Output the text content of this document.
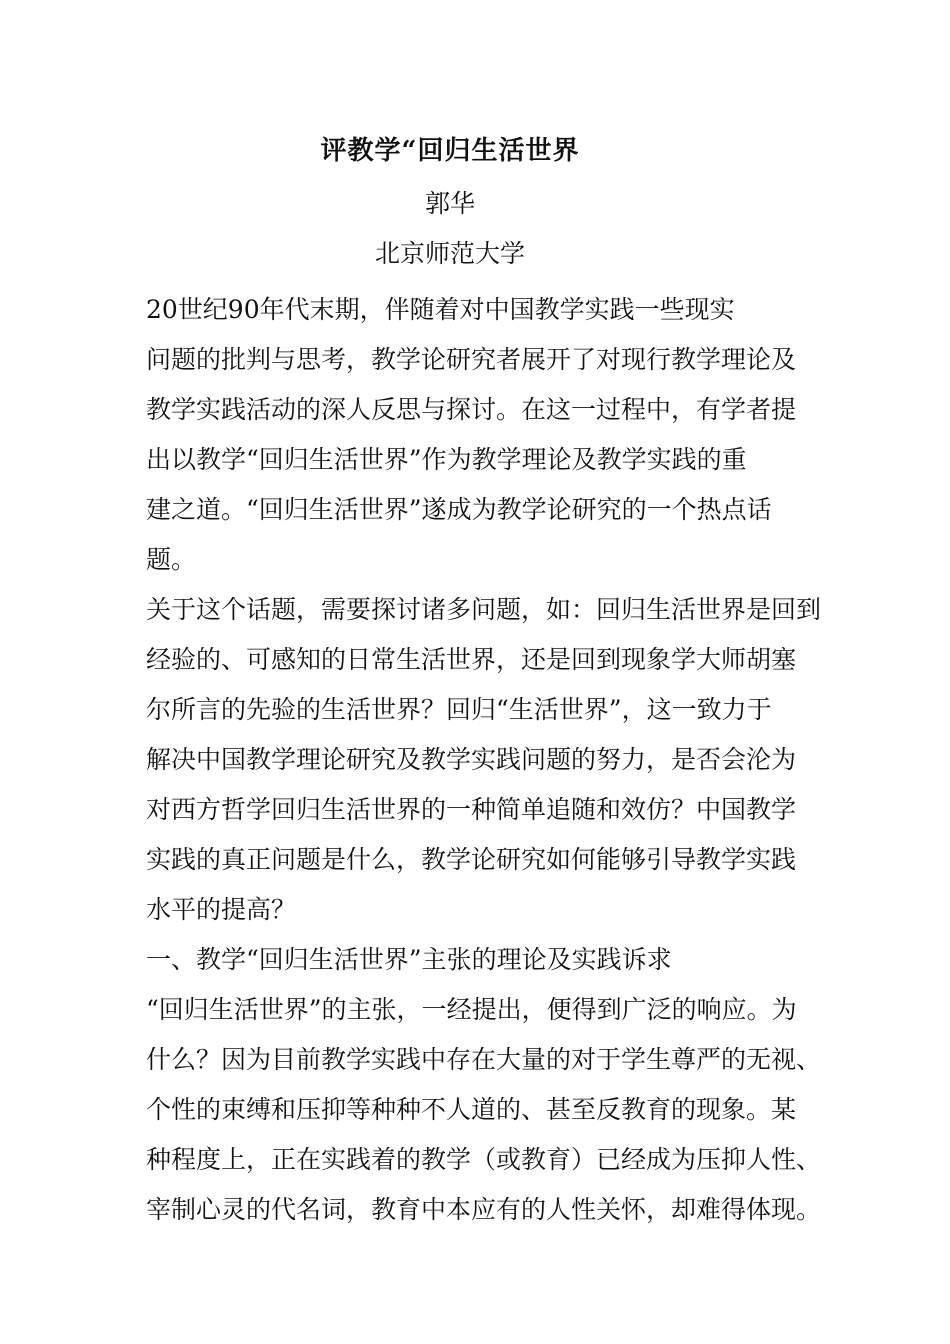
评教学“回归生活世界
郭华
北京师范大学

20世纪90年代末期，伴随着对中国教学实践一些现实

问题的批判与思考，教学论研究者展开了对现行教学理论及

教学实践活动的深人反思与探讨。在这一过程中，有学者提

出以教学“回归生活世界”作为教学理论及教学实践的重

建之道。“回归生活世界”遂成为教学论研究的一个热点话

题。

关于这个话题，需要探讨诸多问题，如：回归生活世界是回到

经验的、可感知的日常生活世界，还是回到现象学大师胡塞

尔所言的先验的生活世界？回归“生活世界”，这一致力于

解决中国教学理论研究及教学实践问题的努力，是否会沦为

对西方哲学回归生活世界的一种简单追随和效仿？中国教学

实践的真正问题是什么，教学论研究如何能够引导教学实践

水平的提高？

一、教学“回归生活世界”主张的理论及实践诉求

“回归生活世界”的主张，一经提出，便得到广泛的响应。为

什么？因为目前教学实践中存在大量的对于学生尊严的无视、

个性的束缚和压抑等种种不人道的、甚至反教育的现象。某

种程度上，正在实践着的教学（或教育）已经成为压抑人性、

宰制心灵的代名词，教育中本应有的人性关怀，却难得体现。
